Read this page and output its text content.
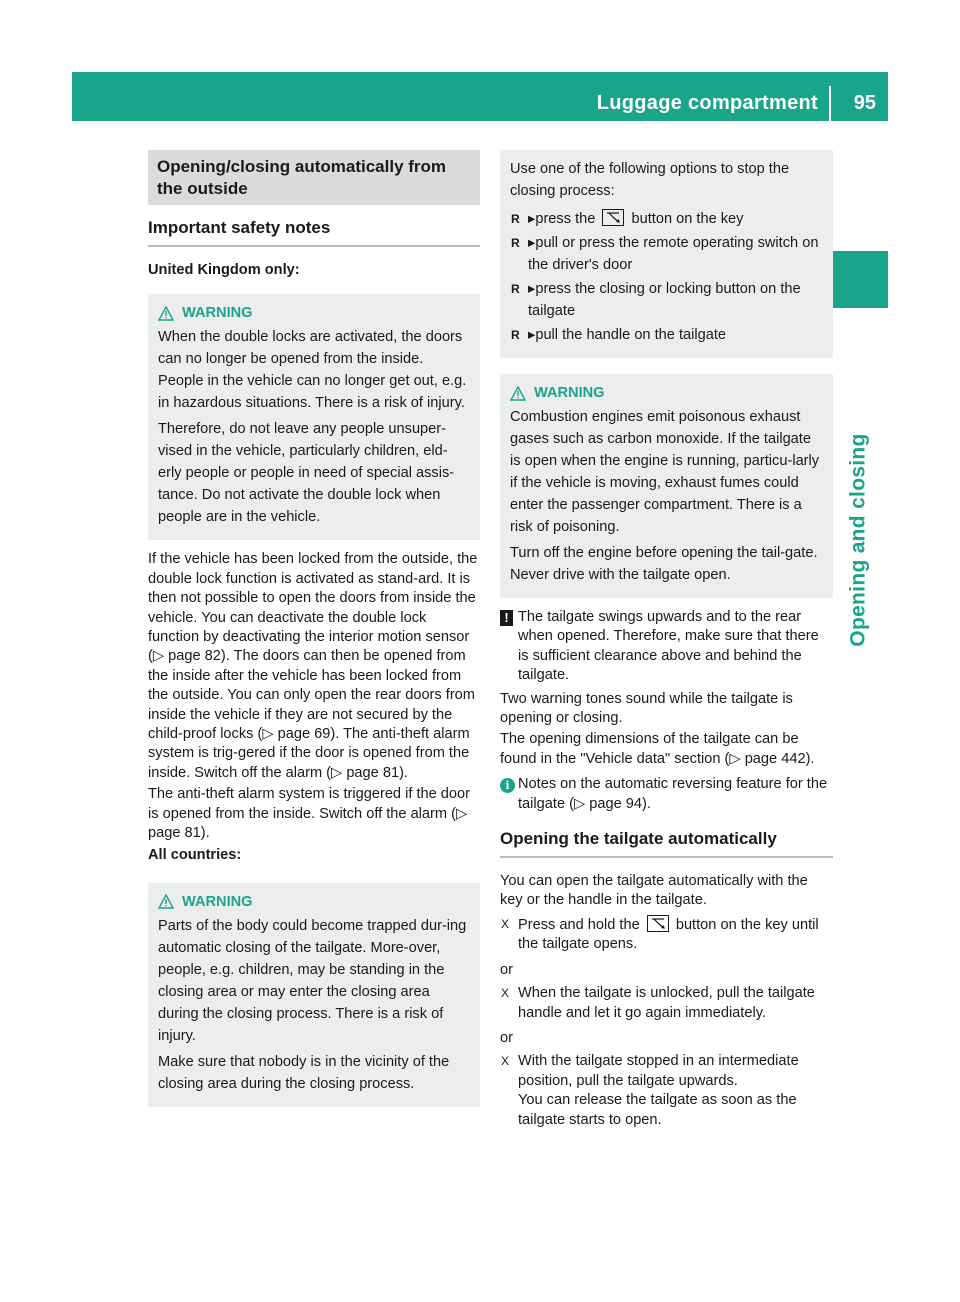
Luggage compartment 95
Opening and closing
Opening/closing automatically from the outside
Important safety notes
United Kingdom only:
WARNING
When the double locks are activated, the doors can no longer be opened from the inside. People in the vehicle can no longer get out, e.g. in hazardous situations. There is a risk of injury.
Therefore, do not leave any people unsuper-vised in the vehicle, particularly children, eld-erly people or people in need of special assis-tance. Do not activate the double lock when people are in the vehicle.
If the vehicle has been locked from the outside, the double lock function is activated as stand-ard. It is then not possible to open the doors from inside the vehicle. You can deactivate the double lock function by deactivating the interior motion sensor (▷ page 82). The doors can then be opened from the inside after the vehicle has been locked from the outside. You can only open the rear doors from inside the vehicle if they are not secured by the child-proof locks (▷ page 69). The anti-theft alarm system is trig-gered if the door is opened from the inside. Switch off the alarm (▷ page 81).
The anti-theft alarm system is triggered if the door is opened from the inside. Switch off the alarm (▷ page 81).
All countries:
WARNING
Parts of the body could become trapped dur-ing automatic closing of the tailgate. More-over, people, e.g. children, may be standing in the closing area or may enter the closing area during the closing process. There is a risk of injury.
Make sure that nobody is in the vicinity of the closing area during the closing process.
Use one of the following options to stop the closing process:
▸ R press the button on the key
▸ R pull or press the remote operating switch on the driver's door
▸ R press the closing or locking button on the tailgate
▸ R pull the handle on the tailgate
WARNING
Combustion engines emit poisonous exhaust gases such as carbon monoxide. If the tailgate is open when the engine is running, particu-larly if the vehicle is moving, exhaust fumes could enter the passenger compartment. There is a risk of poisoning.
Turn off the engine before opening the tail-gate. Never drive with the tailgate open.
! The tailgate swings upwards and to the rear when opened. Therefore, make sure that there is sufficient clearance above and behind the tailgate.
Two warning tones sound while the tailgate is opening or closing.
The opening dimensions of the tailgate can be found in the "Vehicle data" section (▷ page 442).
i Notes on the automatic reversing feature for the tailgate (▷ page 94).
Opening the tailgate automatically
You can open the tailgate automatically with the key or the handle in the tailgate.
X Press and hold the button on the key until the tailgate opens.
or
X When the tailgate is unlocked, pull the tailgate handle and let it go again immediately.
or
X With the tailgate stopped in an intermediate position, pull the tailgate upwards.
You can release the tailgate as soon as the tailgate starts to open.
